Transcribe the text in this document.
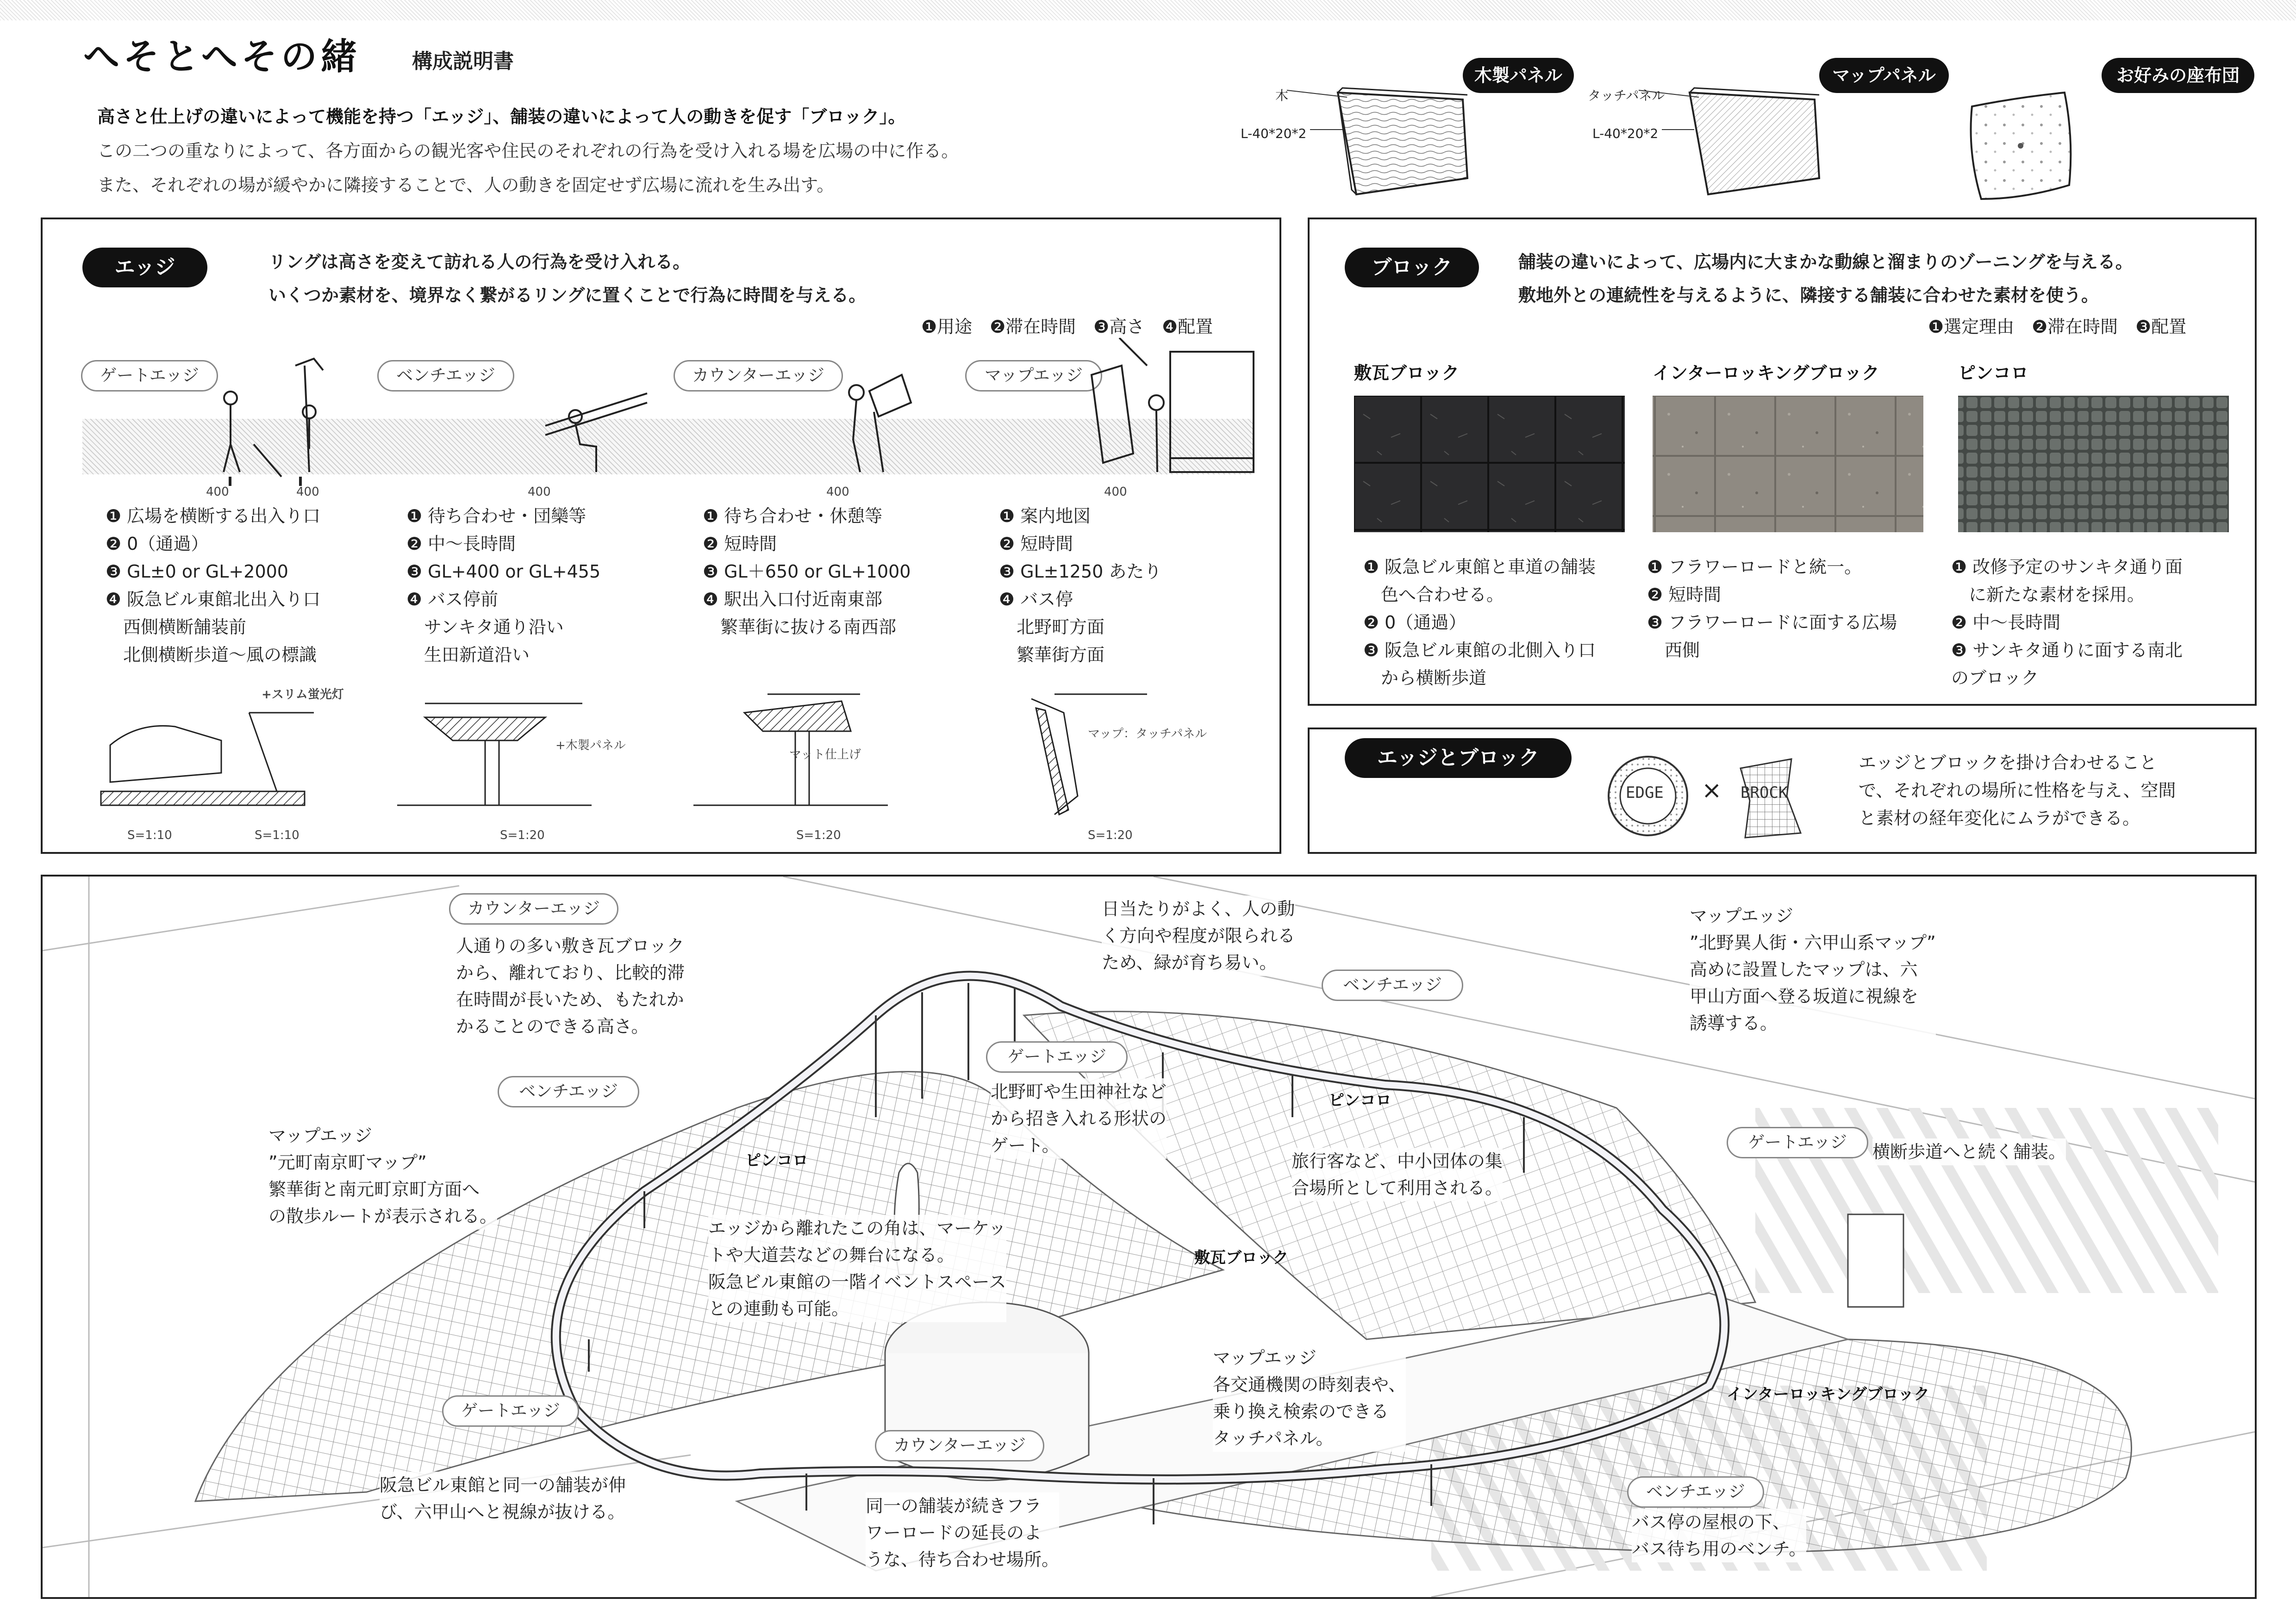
へそとへその緒	構成説明書

高さと仕上げの違いによって機能を持つ「エッジ」、舗装の違いによって人の動きを促す「ブロック」。

この二つの重なりによって、各方面からの観光客や住民のそれぞれの行為を受け入れる場を広場の中に作る。

また、それぞれの場が緩やかに隣接することで、人の動きを固定せず広場に流れを生み出す。

木製パネル	マップパネル	お好みの座布団
木
L-40*20*2
タッチパネル
L-40*20*2
エッジ	リングは高さを変えて訪れる人の行為を受け入れる。
いくつか素材を、境界なく繋がるリングに置くことで行為に時間を与える。
❶用途　❷滞在時間　❸高さ　❹配置
ゲートエッジ	ベンチエッジ	カウンターエッジ	マップエッジ
400	400	400	400	400
❶ 広場を横断する出入り口
❷ 0（通過）
❸ GL±0 or GL+2000
❹ 阪急ビル東館北出入り口
　西側横断舗装前
　北側横断歩道〜風の標識
❶ 待ち合わせ・団欒等
❷ 中〜長時間
❸ GL+400 or GL+455
❹ バス停前
　サンキタ通り沿い
　生田新道沿い
❶ 待ち合わせ・休憩等
❷ 短時間
❸ GL＋650 or GL+1000
❹ 駅出入口付近南東部
　繁華街に抜ける南西部
❶ 案内地図
❷ 短時間
❸ GL±1250 あたり
❹ バス停
　北野町方面
　繁華街方面
+スリム蛍光灯
+木製パネル
マット仕上げ
マップ：タッチパネル
S=1:10	S=1:10	S=1:20	S=1:20	S=1:20
ブロック	舗装の違いによって、広場内に大まかな動線と溜まりのゾーニングを与える。
敷地外との連続性を与えるように、隣接する舗装に合わせた素材を使う。
❶選定理由　❷滞在時間　❸配置
敷瓦ブロック	インターロッキングブロック	ピンコロ
❶ 阪急ビル東館と車道の舗装
　色へ合わせる。
❷ 0（通過）
❸ 阪急ビル東館の北側入り口
　から横断歩道
❶ フラワーロードと統一。
❷ 短時間
❸ フラワーロードに面する広場
　西側
❶ 改修予定のサンキタ通り面
　に新たな素材を採用。
❷ 中〜長時間
❸ サンキタ通りに面する南北
のブロック
エッジとブロック
EDGE × BROCK
エッジとブロックを掛け合わせること
で、それぞれの場所に性格を与え、空間
と素材の経年変化にムラができる。
ピンコロ
ピンコロ
敷瓦ブロック
インターロッキングブロック
カウンターエッジ
人通りの多い敷き瓦ブロック
から、離れており、比較的滞
在時間が長いため、もたれか
かることのできる高さ。
日当たりがよく、人の動
く方向や程度が限られる
ため、緑が育ち易い。
ベンチエッジ
マップエッジ
”北野異人街・六甲山系マップ”
高めに設置したマップは、六
甲山方面へ登る坂道に視線を
誘導する。
ベンチエッジ
ゲートエッジ
北野町や生田神社など
から招き入れる形状の
ゲート。
マップエッジ
”元町南京町マップ”
繁華街と南元町京町方面へ
の散歩ルートが表示される。
旅行客など、中小団体の集
合場所として利用される。
ゲートエッジ	横断歩道へと続く舗装。
エッジから離れたこの角は、マーケッ
トや大道芸などの舞台になる。
阪急ビル東館の一階イベントスペース
との連動も可能。
マップエッジ
各交通機関の時刻表や、
乗り換え検索のできる
タッチパネル。
ゲートエッジ
阪急ビル東館と同一の舗装が伸
び、六甲山へと視線が抜ける。
カウンターエッジ
同一の舗装が続きフラ
ワーロードの延長のよ
うな、待ち合わせ場所。
ベンチエッジ
バス停の屋根の下、
バス待ち用のベンチ。
